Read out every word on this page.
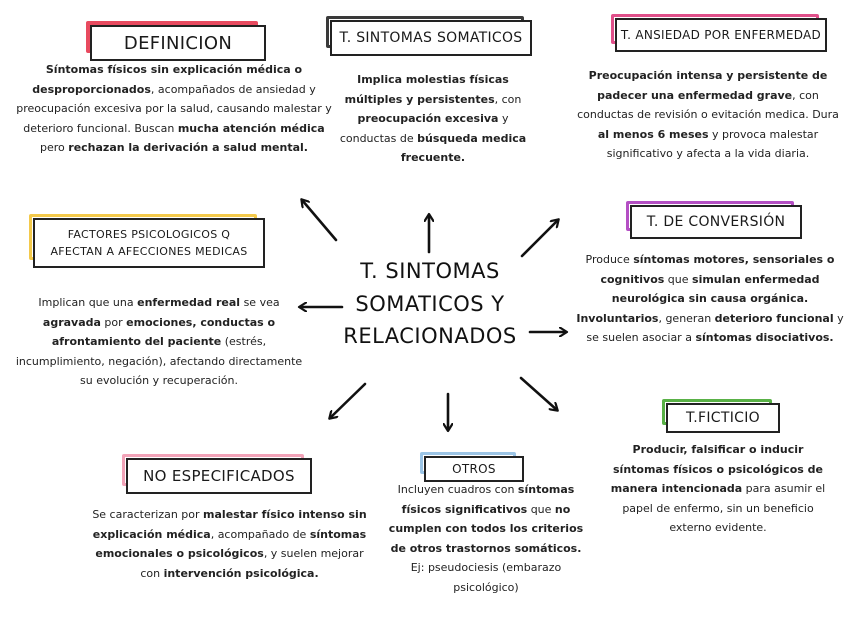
T. SINTOMAS SOMATICOS Y RELACIONADOS

DEFINICION

Síntomas físicos sin explicación médica o desproporcionados, acompañados de ansiedad y preocupación excesiva por la salud, causando malestar y deterioro funcional. Buscan mucha atención médica pero rechazan la derivación a salud mental.

T. SINTOMAS SOMATICOS

Implica molestias físicas múltiples y persistentes, con preocupación excesiva y conductas de búsqueda medica frecuente.

T. ANSIEDAD POR ENFERMEDAD

Preocupación intensa y persistente de padecer una enfermedad grave, con conductas de revisión o evitación medica. Dura al menos 6 meses y provoca malestar significativo y afecta a la vida diaria.

T. DE CONVERSIÓN

Produce síntomas motores, sensoriales o cognitivos que simulan enfermedad neurológica sin causa orgánica. Involuntarios, generan deterioro funcional y se suelen asociar a síntomas disociativos.

FACTORES PSICOLOGICOS Q
AFECTAN A AFECCIONES MEDICAS

Implican que una enfermedad real se vea agravada por emociones, conductas o afrontamiento del paciente (estrés, incumplimiento, negación), afectando directamente su evolución y recuperación.

T.FICTICIO

Producir, falsificar o inducir síntomas físicos o psicológicos de manera intencionada para asumir el papel de enfermo, sin un beneficio externo evidente.

NO ESPECIFICADOS

Se caracterizan por malestar físico intenso sin explicación médica, acompañado de síntomas emocionales o psicológicos, y suelen mejorar con intervención psicológica.

OTROS

Incluyen cuadros con síntomas físicos significativos que no cumplen con todos los criterios de otros trastornos somáticos. Ej: pseudociesis (embarazo psicológico)
